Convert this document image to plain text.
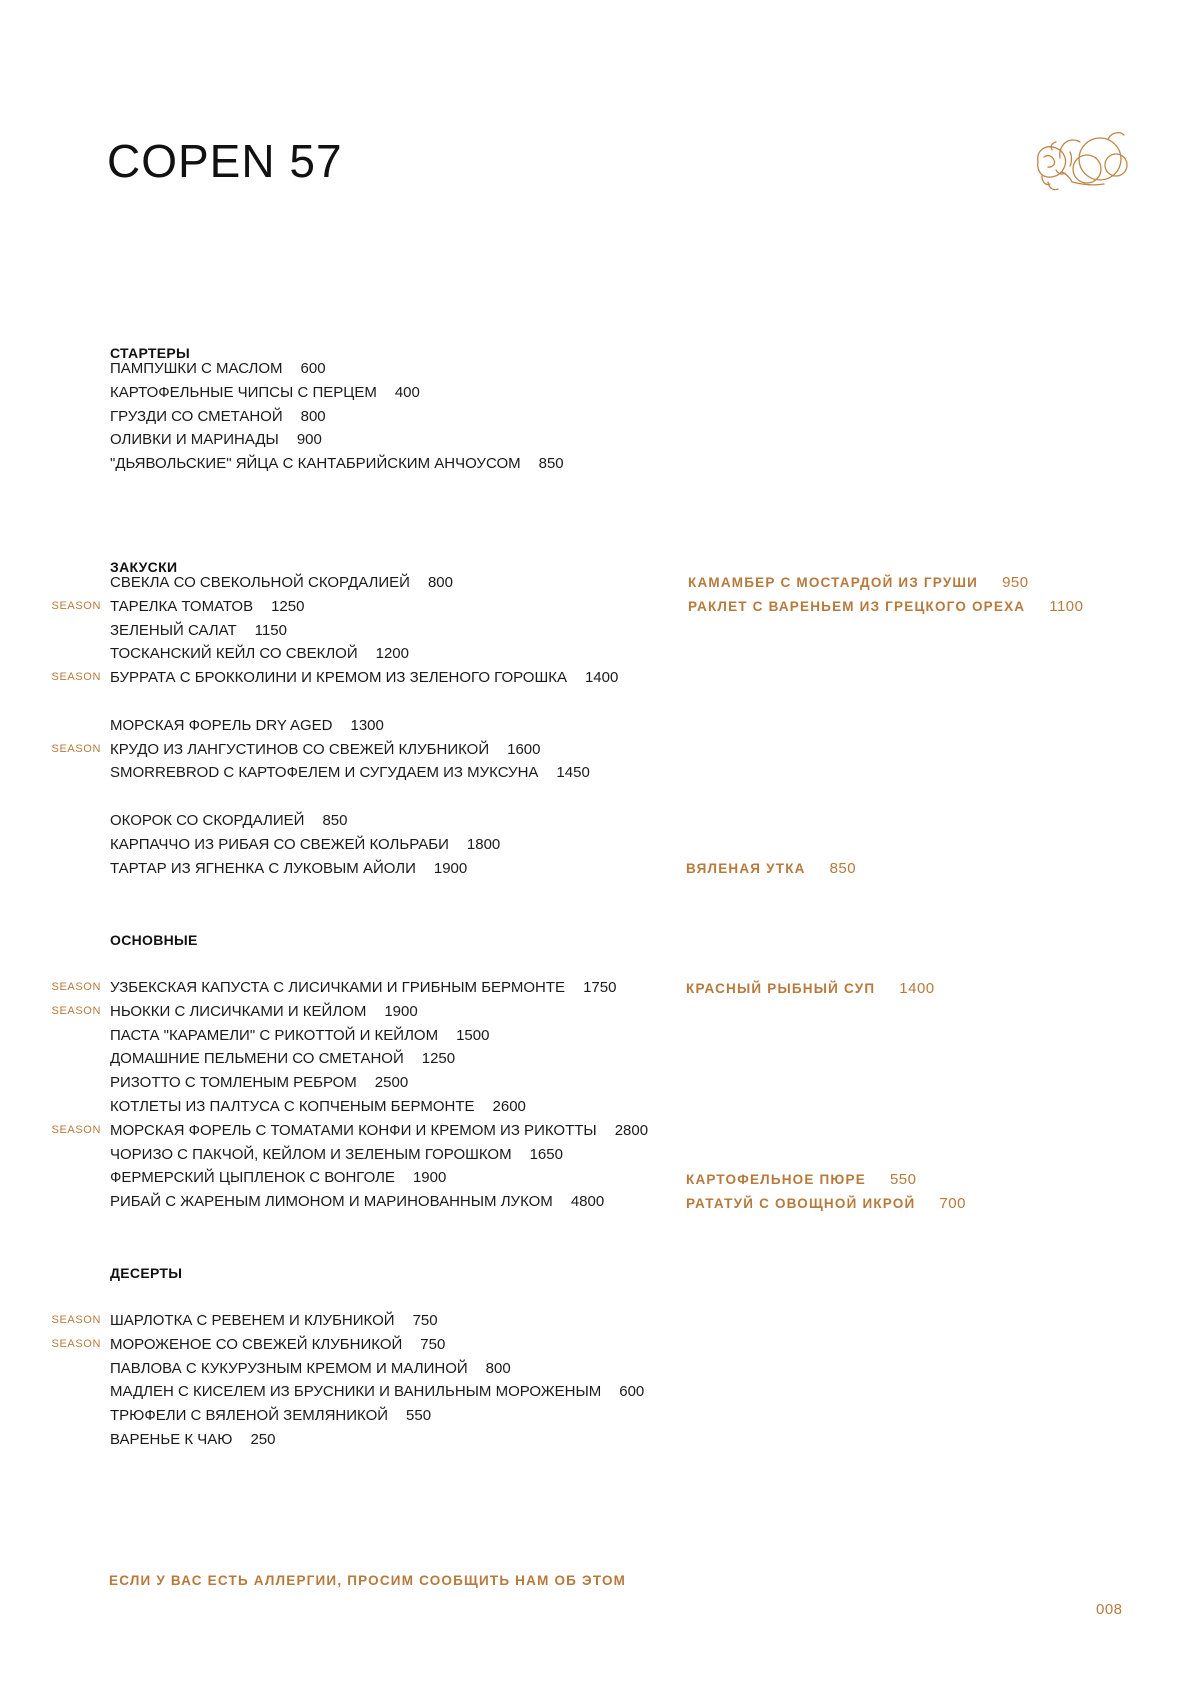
COPEN 57
СТАРТЕРЫ
ПАМПУШКИ С МАСЛОМ 600
КАРТОФЕЛЬНЫЕ ЧИПСЫ С ПЕРЦЕМ 400
ГРУЗДИ СО СМЕТАНОЙ 800
ОЛИВКИ И МАРИНАДЫ 900
"ДЬЯВОЛЬСКИЕ" ЯЙЦА С КАНТАБРИЙСКИМ АНЧОУСОМ 850
ЗАКУСКИ
СВЕКЛА СО СВЕКОЛЬНОЙ СКОРДАЛИЕЙ 800
SEASON ТАРЕЛКА ТОМАТОВ 1250
ЗЕЛЕНЫЙ САЛАТ 1150
ТОСКАНСКИЙ КЕЙЛ СО СВЕКЛОЙ 1200
SEASON БУРРАТА С БРОККОЛИНИ И КРЕМОМ ИЗ ЗЕЛЕНОГО ГОРОШКА 1400
МОРСКАЯ ФОРЕЛЬ DRY AGED 1300
SEASON КРУДО ИЗ ЛАНГУСТИНОВ СО СВЕЖЕЙ КЛУБНИКОЙ 1600
SMORREBROD С КАРТОФЕЛЕМ И СУГУДАЕМ ИЗ МУКСУНА 1450
ОКОРОК СО СКОРДАЛИЕЙ 850
КАРПАЧЧО ИЗ РИБАЯ СО СВЕЖЕЙ КОЛЬРАБИ 1800
ТАРТАР ИЗ ЯГНЕНКА С ЛУКОВЫМ АЙОЛИ 1900
КАМАМБЕР С МОСТАРДОЙ ИЗ ГРУШИ 950
РАКЛЕТ С ВАРЕНЬЕМ ИЗ ГРЕЦКОГО ОРЕХА 1100
ВЯЛЕНАЯ УТКА 850
ОСНОВНЫЕ
SEASON УЗБЕКСКАЯ КАПУСТА С ЛИСИЧКАМИ И ГРИБНЫМ БЕРМОНТЕ 1750
SEASON НЬОККИ С ЛИСИЧКАМИ И КЕЙЛОМ 1900
ПАСТА "КАРАМЕЛИ" С РИКОТТОЙ И КЕЙЛОМ 1500
ДОМАШНИЕ ПЕЛЬМЕНИ СО СМЕТАНОЙ 1250
РИЗОТТО С ТОМЛЕНЫМ РЕБРОМ 2500
КОТЛЕТЫ ИЗ ПАЛТУСА С КОПЧЕНЫМ БЕРМОНТЕ 2600
SEASON МОРСКАЯ ФОРЕЛЬ С ТОМАТАМИ КОНФИ И КРЕМОМ ИЗ РИКОТТЫ 2800
ЧОРИЗО С ПАКЧОЙ, КЕЙЛОМ И ЗЕЛЕНЫМ ГОРОШКОМ 1650
ФЕРМЕРСКИЙ ЦЫПЛЕНОК С ВОНГОЛЕ 1900
РИБАЙ С ЖАРЕНЫМ ЛИМОНОМ И МАРИНОВАННЫМ ЛУКОМ 4800
КРАСНЫЙ РЫБНЫЙ СУП 1400
КАРТОФЕЛЬНОЕ ПЮРЕ 550
РАТАТУЙ С ОВОЩНОЙ ИКРОЙ 700
ДЕСЕРТЫ
SEASON ШАРЛОТКА С РЕВЕНЕМ И КЛУБНИКОЙ 750
SEASON МОРОЖЕНОЕ СО СВЕЖЕЙ КЛУБНИКОЙ 750
ПАВЛОВА С КУКУРУЗНЫМ КРЕМОМ И МАЛИНОЙ 800
МАДЛЕН С КИСЕЛЕМ ИЗ БРУСНИКИ И ВАНИЛЬНЫМ МОРОЖЕНЫМ 600
ТРЮФЕЛИ С ВЯЛЕНОЙ ЗЕМЛЯНИКОЙ 550
ВАРЕНЬЕ К ЧАЮ 250

ЕСЛИ У ВАС ЕСТЬ АЛЛЕРГИИ, ПРОСИМ СООБЩИТЬ НАМ ОБ ЭТОМ

008
